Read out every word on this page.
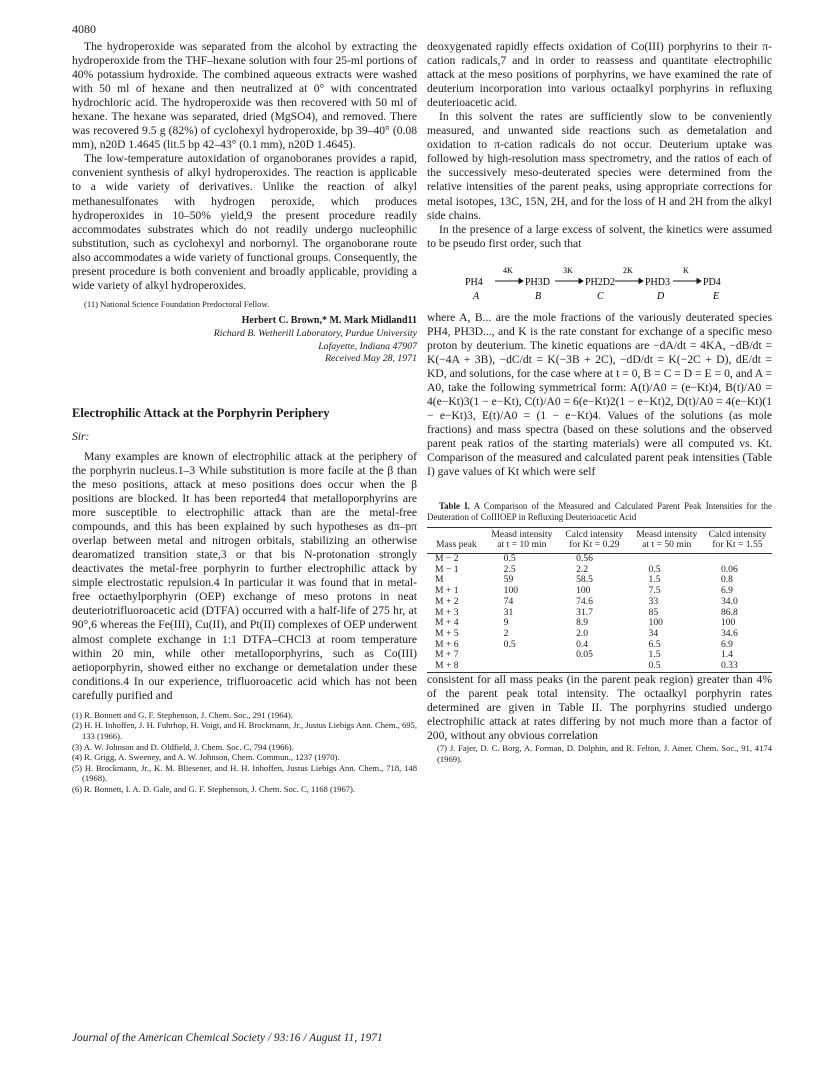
4080

The hydroperoxide was separated from the alcohol by extracting the hydroperoxide from the THF–hexane solution with four 25-ml portions of 40% potassium hydroxide. The combined aqueous extracts were washed with 50 ml of hexane and then neutralized at 0° with concentrated hydrochloric acid. The hydroperoxide was then recovered with 50 ml of hexane. The hexane was separated, dried (MgSO4), and removed. There was recovered 9.5 g (82%) of cyclohexyl hydroperoxide, bp 39–40° (0.08 mm), n20D 1.4645 (lit.5 bp 42–43° (0.1 mm), n20D 1.4645).

The low-temperature autoxidation of organoboranes provides a rapid, convenient synthesis of alkyl hydroperoxides. The reaction is applicable to a wide variety of derivatives. Unlike the reaction of alkyl methanesulfonates with hydrogen peroxide, which produces hydroperoxides in 10–50% yield,9 the present procedure readily accommodates substrates which do not readily undergo nucleophilic substitution, such as cyclohexyl and norbornyl. The organoborane route also accommodates a wide variety of functional groups. Consequently, the present procedure is both convenient and broadly applicable, providing a wide variety of alkyl hydroperoxides.

(11) National Science Foundation Predoctoral Fellow.

Herbert C. Brown,* M. Mark Midland11
Richard B. Wetherill Laboratory, Purdue University
Lafayette, Indiana 47907
Received May 28, 1971
Electrophilic Attack at the Porphyrin Periphery
Sir:

Many examples are known of electrophilic attack at the periphery of the porphyrin nucleus.1–3 While substitution is more facile at the β than the meso positions, attack at meso positions does occur when the β positions are blocked. It has been reported4 that metalloporphyrins are more susceptible to electrophilic attack than are the metal-free compounds, and this has been explained by such hypotheses as dπ–pπ overlap between metal and nitrogen orbitals, stabilizing an otherwise dearomatized transition state,3 or that bis N-protonation strongly deactivates the metal-free porphyrin to further electrophilic attack by simple electrostatic repulsion.4 In particular it was found that in metal-free octaethylporphyrin (OEP) exchange of meso protons in neat deuteriotrifluoroacetic acid (DTFA) occurred with a half-life of 275 hr, at 90°,6 whereas the Fe(III), Cu(II), and Pt(II) complexes of OEP underwent almost complete exchange in 1:1 DTFA–CHCl3 at room temperature within 20 min, while other metalloporphyrins, such as Co(III) aetioporphyrin, showed either no exchange or demetalation under these conditions.4 In our experience, trifluoroacetic acid which has not been carefully purified and

(1) R. Bonnett and G. F. Stephenson, J. Chem. Soc., 291 (1964).

(2) H. H. Inhoffen, J. H. Fuhrhop, H. Voigt, and H. Brockmann, Jr., Justus Liebigs Ann. Chem., 695, 133 (1966).

(3) A. W. Johnson and D. Oldfield, J. Chem. Soc. C, 794 (1966).

(4) R. Grigg, A. Sweeney, and A. W. Johnson, Chem. Commun., 1237 (1970).

(5) H. Brockmann, Jr., K. M. Bliesener, and H. H. Inhoffen, Justus Liebigs Ann. Chem., 718, 148 (1968).

(6) R. Bonnett, I. A. D. Gale, and G. F. Stephenson, J. Chem. Soc. C, 1168 (1967).

deoxygenated rapidly effects oxidation of Co(III) porphyrins to their π-cation radicals,7 and in order to reassess and quantitate electrophilic attack at the meso positions of porphyrins, we have examined the rate of deuterium incorporation into various octaalkyl porphyrins in refluxing deuterioacetic acid.

In this solvent the rates are sufficiently slow to be conveniently measured, and unwanted side reactions such as demetalation and oxidation to π-cation radicals do not occur. Deuterium uptake was followed by high-resolution mass spectrometry, and the ratios of each of the successively meso-deuterated species were determined from the relative intensities of the parent peaks, using appropriate corrections for metal isotopes, 13C, 15N, 2H, and for the loss of H and 2H from the alkyl side chains.

In the presence of a large excess of solvent, the kinetics were assumed to be pseudo first order, such that

PH4	PH3D	PH2D2	PHD3	PD4
4K	3K	2K	K
A	B	C	D	E

where A, B... are the mole fractions of the variously deuterated species PH4, PH3D..., and K is the rate constant for exchange of a specific meso proton by deuterium. The kinetic equations are −dA/dt = 4KA, −dB/dt = K(−4A + 3B), −dC/dt = K(−3B + 2C), −dD/dt = K(−2C + D), dE/dt = KD, and solutions, for the case where at t = 0, B = C = D = E = 0, and A = A0, take the following symmetrical form: A(t)/A0 = (e−Kt)4, B(t)/A0 = 4(e−Kt)3(1 − e−Kt), C(t)/A0 = 6(e−Kt)2(1 − e−Kt)2, D(t)/A0 = 4(e−Kt)(1 − e−Kt)3, E(t)/A0 = (1 − e−Kt)4. Values of the solutions (as mole fractions) and mass spectra (based on these solutions and the observed parent peak ratios of the starting materials) were all computed vs. Kt. Comparison of the measured and calculated parent peak intensities (Table I) gave values of Kt which were self

Table I. A Comparison of the Measured and Calculated Parent Peak Intensities for the Deuteration of CoIIIOEP in Refluxing Deuterioacetic Acid

Mass peak	Measd intensity at t = 10 min	Calcd intensity for Kt = 0.29	Measd intensity at t = 50 min	Calcd intensity for Kt = 1.55
M − 2	0.5	0.56		
M − 1	2.5	2.2	0.5	0.06
M	59	58.5	1.5	0.8
M + 1	100	100	7.5	6.9
M + 2	74	74.6	33	34.0
M + 3	31	31.7	85	86.8
M + 4	9	8.9	100	100
M + 5	2	2.0	34	34.6
M + 6	0.5	0.4	6.5	6.9
M + 7		0.05	1.5	1.4
M + 8			0.5	0.33

consistent for all mass peaks (in the parent peak region) greater than 4% of the parent peak total intensity. The octaalkyl porphyrin rates determined are given in Table II. The porphyrins studied undergo electrophilic attack at rates differing by not much more than a factor of 200, without any obvious correlation

(7) J. Fajer, D. C. Borg, A. Forman, D. Dolphin, and R. Felton, J. Amer. Chem. Soc., 91, 4174 (1969).

Journal of the American Chemical Society / 93:16 / August 11, 1971
